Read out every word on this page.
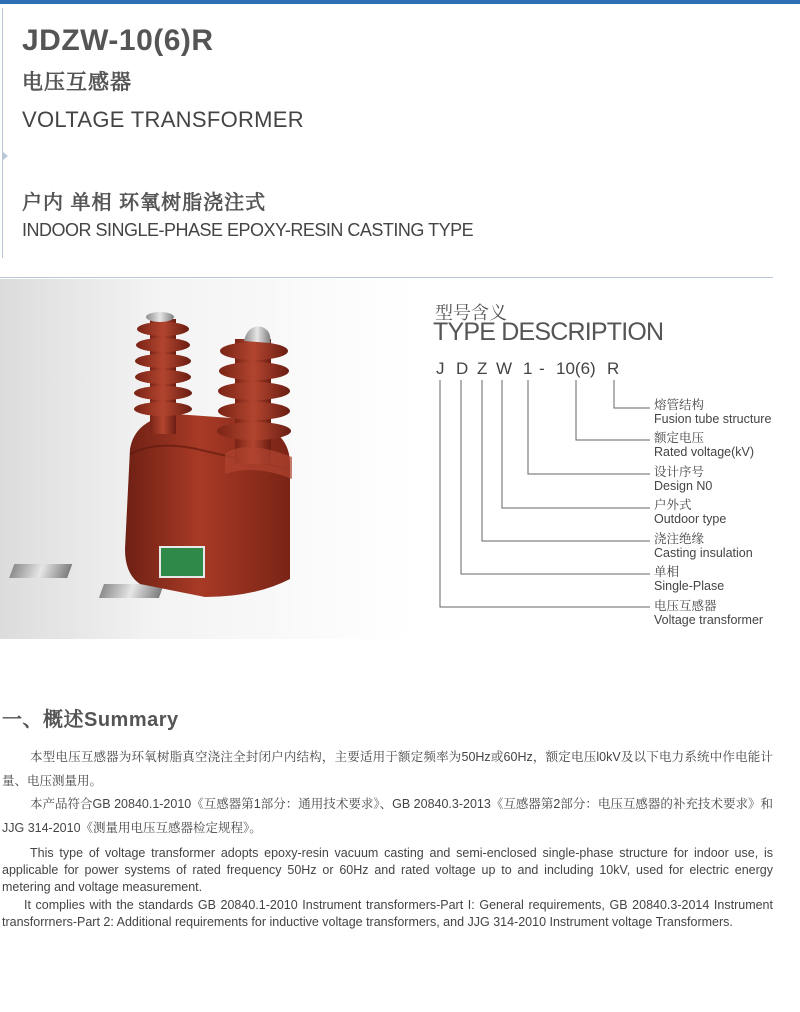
JDZW-10(6)R
电压互感器
VOLTAGE TRANSFORMER
户内 单相 环氧树脂浇注式
INDOOR SINGLE-PHASE EPOXY-RESIN CASTING TYPE
型号含义
TYPE DESCRIPTION
J D Z W 1 - 10(6) R
熔管结构
Fusion tube structure
额定电压
Rated voltage(kV)
设计序号
Design N0
户外式
Outdoor type
浇注绝缘
Casting insulation
单相
Single-Plase
电压互感器
Voltage transformer
一、概述Summary
本型电压互感器为环氧树脂真空浇注全封闭户内结构，主要适用于额定频率为50Hz或60Hz，额定电压l0kV及以下电力系统中作电能计量、电压测量用。
本产品符合GB 20840.1-2010《互感器第1部分：通用技术要求》、GB 20840.3-2013《互感器第2部分：电压互感器的补充技术要求》和JJG 314-2010《测量用电压互感器检定规程》。
This type of voltage transformer adopts epoxy-resin vacuum casting and semi-enclosed single-phase structure for indoor use, is applicable for power systems of rated frequency 50Hz or 60Hz and rated voltage up to and including 10kV, used for electric energy metering and voltage measurement.
It complies with the standards GB 20840.1-2010 Instrument transformers-Part I: General requirements, GB 20840.3-2014 Instrument transforrners-Part 2: Additional requirements for inductive voltage transformers, and JJG 314-2010 Instrument voltage Transformers.
